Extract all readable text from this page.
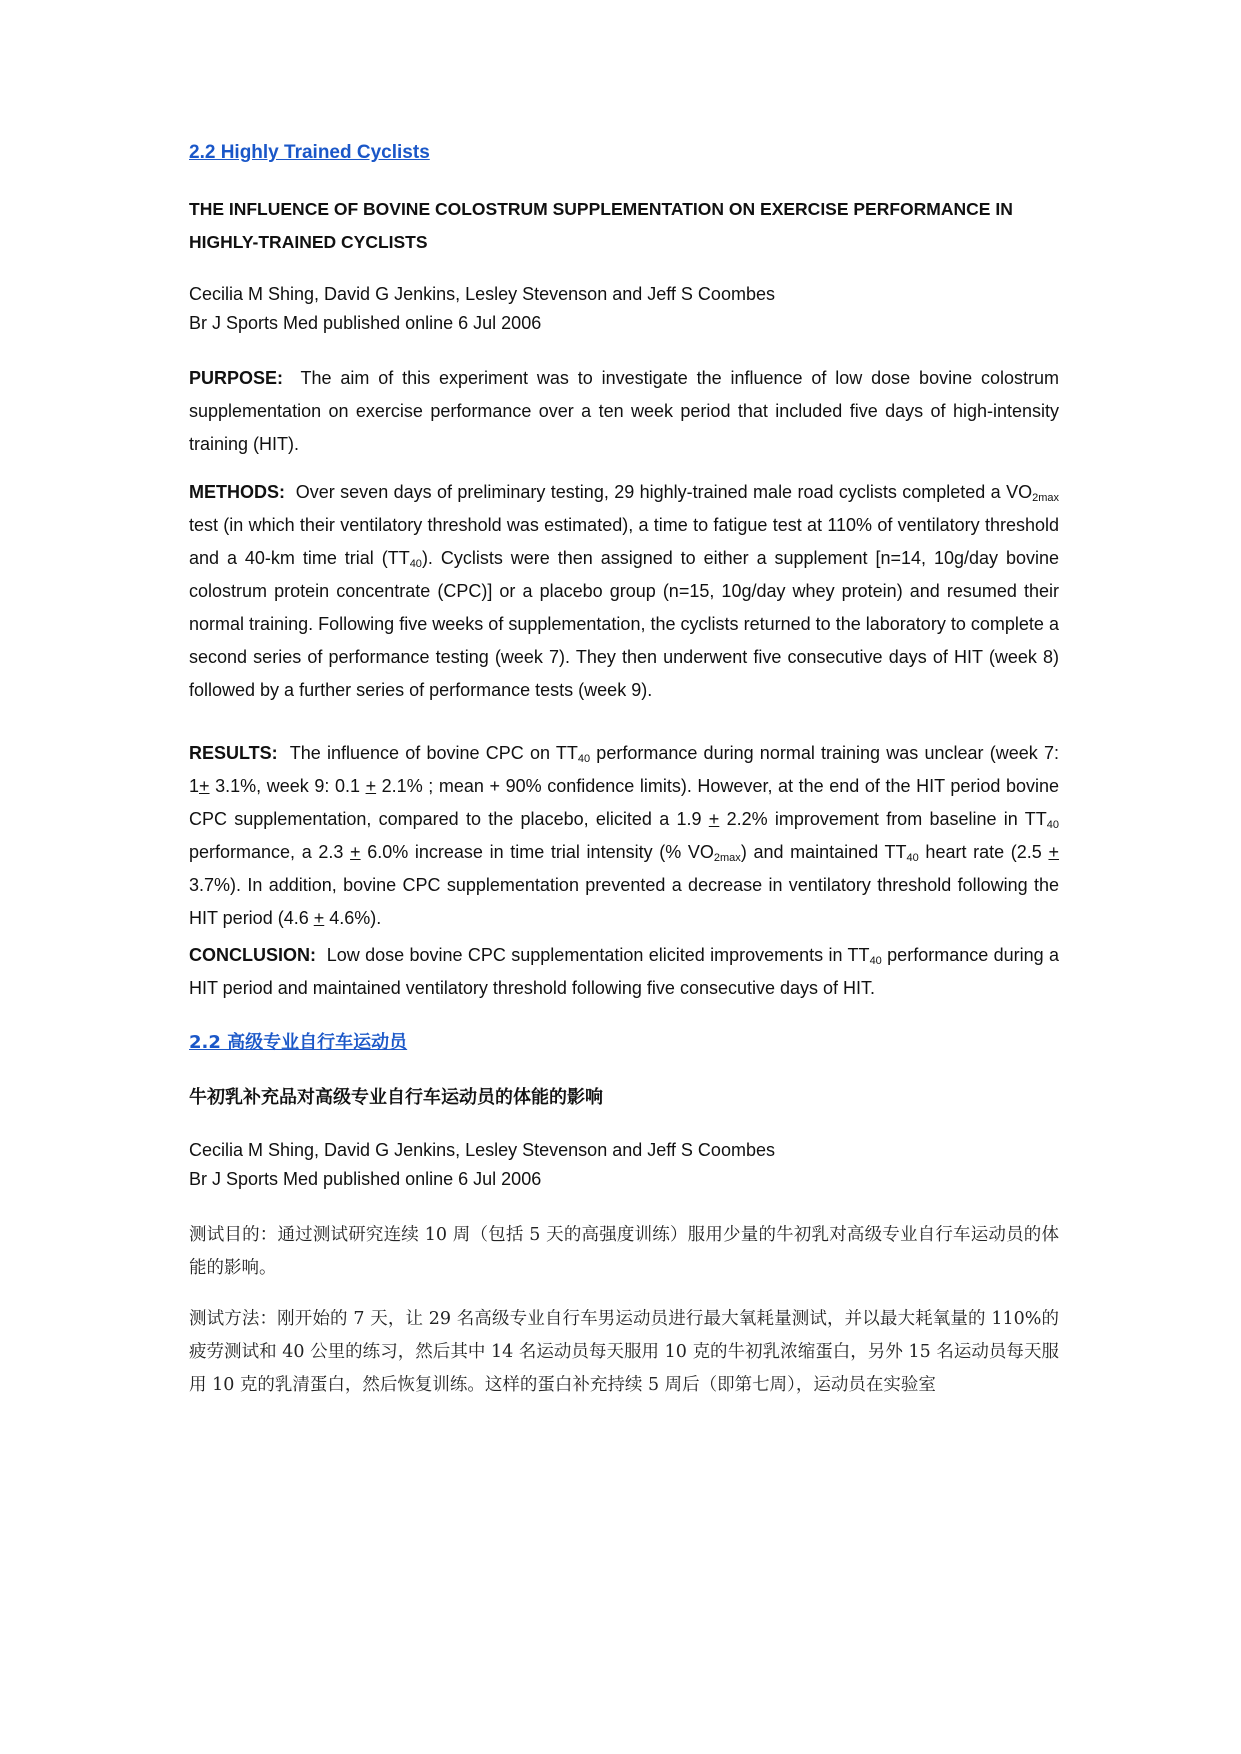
2.2 Highly Trained Cyclists
THE INFLUENCE OF BOVINE COLOSTRUM SUPPLEMENTATION ON EXERCISE PERFORMANCE IN HIGHLY-TRAINED CYCLISTS
Cecilia M Shing, David G Jenkins, Lesley Stevenson and Jeff S Coombes
Br J Sports Med published online 6 Jul 2006
PURPOSE: The aim of this experiment was to investigate the influence of low dose bovine colostrum supplementation on exercise performance over a ten week period that included five days of high-intensity training (HIT).
METHODS: Over seven days of preliminary testing, 29 highly-trained male road cyclists completed a $VO_{2max}$ test (in which their ventilatory threshold was estimated), a time to fatigue test at 110% of ventilatory threshold and a 40-km time trial $(TT_{40})$. Cyclists were then assigned to either a supplement [n=14, 10g/day bovine colostrum protein concentrate (CPC)] or a placebo group (n=15, 10g/day whey protein) and resumed their normal training. Following five weeks of supplementation, the cyclists returned to the laboratory to complete a second series of performance testing (week 7). They then underwent five consecutive days of HIT (week 8) followed by a further series of performance tests (week 9).
RESULTS: The influence of bovine CPC on $TT_{40}$ performance during normal training was unclear (week 7: 1+ 3.1%, week 9: 0.1 + 2.1% ; mean + 90% confidence limits). However, at the end of the HIT period bovine CPC supplementation, compared to the placebo, elicited a 1.9 + 2.2% improvement from baseline in $TT_{40}$ performance, a 2.3 + 6.0% increase in time trial intensity (% $VO_{2max}$) and maintained $TT_{40}$ heart rate (2.5 + 3.7%). In addition, bovine CPC supplementation prevented a decrease in ventilatory threshold following the HIT period (4.6 + 4.6%).
CONCLUSION: Low dose bovine CPC supplementation elicited improvements in $TT_{40}$ performance during a HIT period and maintained ventilatory threshold following five consecutive days of HIT.
2.2 高级专业自行车运动员
牛初乳补充品对高级专业自行车运动员的体能的影响
Cecilia M Shing, David G Jenkins, Lesley Stevenson and Jeff S Coombes
Br J Sports Med published online 6 Jul 2006
测试目的：通过测试研究连续 10 周（包括 5 天的高强度训练）服用少量的牛初乳对高级专业自行车运动员的体能的影响。
测试方法：刚开始的 7 天，让 29 名高级专业自行车男运动员进行最大氧耗量测试，并以最大耗氧量的 110%的疲劳测试和 40 公里的练习，然后其中 14 名运动员每天服用 10 克的牛初乳浓缩蛋白，另外 15 名运动员每天服用 10 克的乳清蛋白，然后恢复训练。这样的蛋白补充持续 5 周后（即第七周），运动员在实验室
